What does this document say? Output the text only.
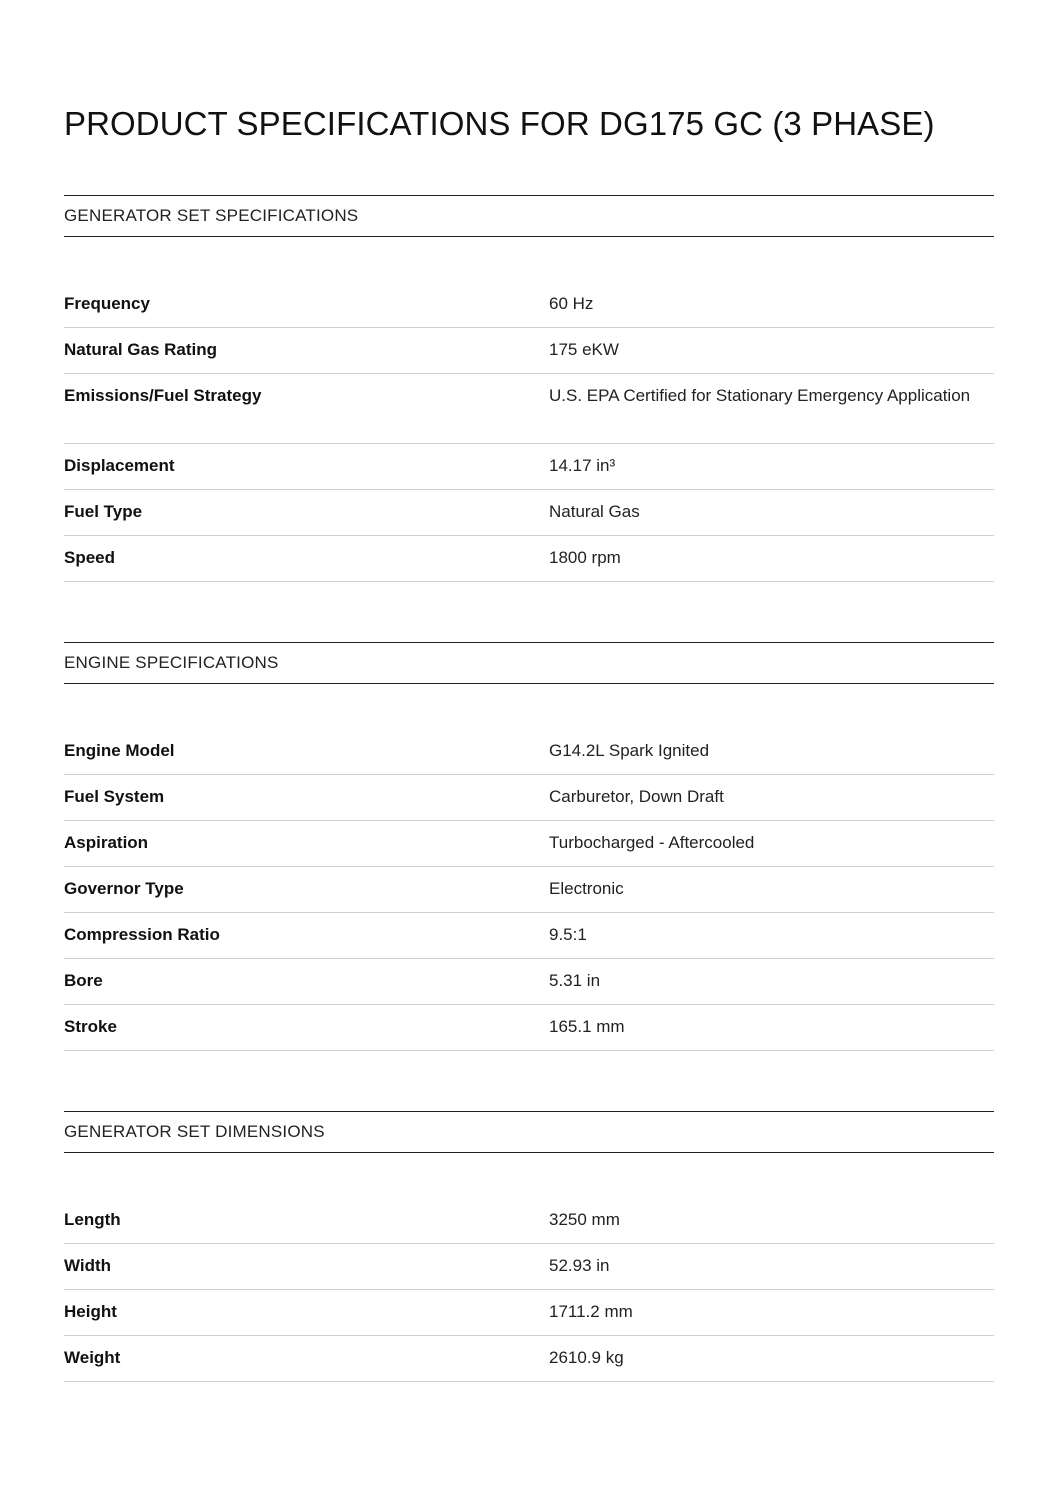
PRODUCT SPECIFICATIONS FOR DG175 GC (3 PHASE)
GENERATOR SET SPECIFICATIONS
Frequency	60 Hz
Natural Gas Rating	175 eKW
Emissions/Fuel Strategy	U.S. EPA Certified for Stationary Emergency Application
Displacement	14.17 in³
Fuel Type	Natural Gas
Speed	1800 rpm
ENGINE SPECIFICATIONS
Engine Model	G14.2L Spark Ignited
Fuel System	Carburetor, Down Draft
Aspiration	Turbocharged - Aftercooled
Governor Type	Electronic
Compression Ratio	9.5:1
Bore	5.31 in
Stroke	165.1 mm
GENERATOR SET DIMENSIONS
Length	3250 mm
Width	52.93 in
Height	1711.2 mm
Weight	2610.9 kg
